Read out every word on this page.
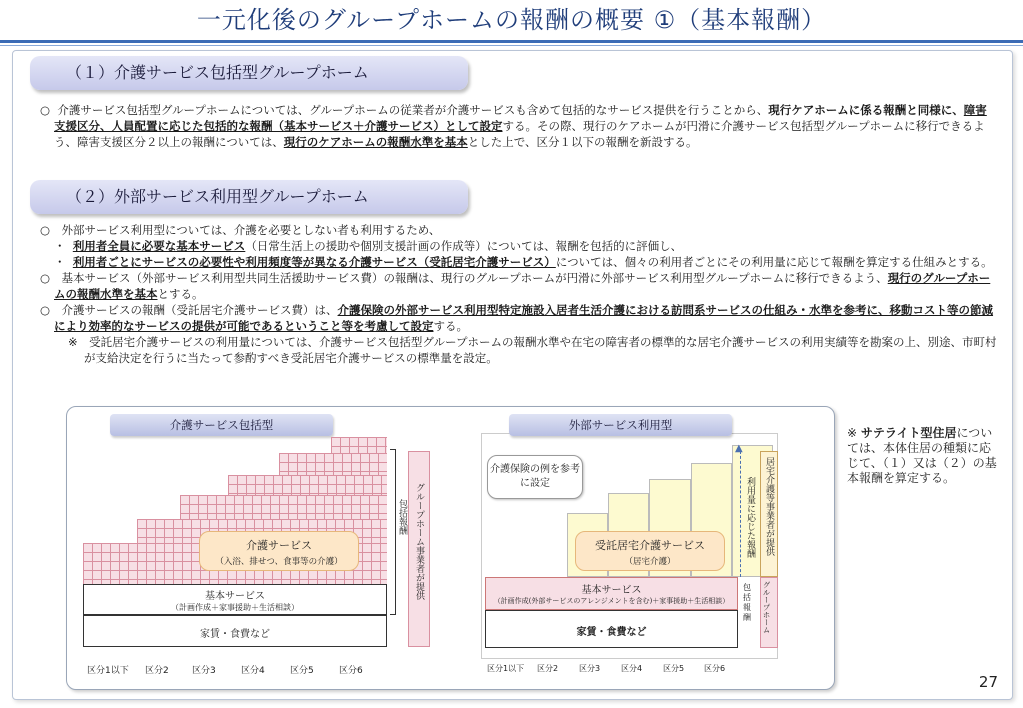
一元化後のグループホームの報酬の概要 ①（基本報酬）
（１）介護サービス包括型グループホーム

○ 介護サービス包括型グループホームについては、グループホームの従業者が介護サービスも含めて包括的なサービス提供を行うことから、現行ケアホームに係る報酬と同様に、障害支援区分、人員配置に応じた包括的な報酬（基本サービス＋介護サービス）として設定する。その際、現行のケアホームが円滑に介護サービス包括型グループホームに移行できるよう、障害支援区分２以上の報酬については、現行のケアホームの報酬水準を基本とした上で、区分１以下の報酬を新設する。

（２）外部サービス利用型グループホーム

○　外部サービス利用型については、介護を必要としない者も利用するため、

・ 利用者全員に必要な基本サービス（日常生活上の援助や個別支援計画の作成等）については、報酬を包括的に評価し、

・ 利用者ごとにサービスの必要性や利用頻度等が異なる介護サービス（受託居宅介護サービス）については、個々の利用者ごとにその利用量に応じて報酬を算定する仕組みとする。

○　基本サービス（外部サービス利用型共同生活援助サービス費）の報酬は、現行のグループホームが円滑に外部サービス利用型グループホームに移行できるよう、現行のグループホームの報酬水準を基本とする。

○　介護サービスの報酬（受託居宅介護サービス費）は、介護保険の外部サービス利用型特定施設入居者生活介護における訪問系サービスの仕組み・水準を参考に、移動コスト等の節減により効率的なサービスの提供が可能であるということ等を考慮して設定する。

※　受託居宅介護サービスの利用量については、介護サービス包括型グループホームの報酬水準や在宅の障害者の標準的な居宅介護サービスの利用実績等を勘案の上、別途、市町村が支給決定を行うに当たって参酌すべき受託居宅介護サービスの標準量を設定。

介護サービス包括型
介護サービス
（入浴、排せつ、食事等の介護）
基本サービス
（計画作成＋家事援助＋生活相談）
家賃・食費など
包括報酬 グループホーム事業者が提供
区分1以下 区分2	区分3	区分4	区分5	区分6
外部サービス利用型
介護保険の例を参考に設定
受託居宅介護サービス
（居宅介護）
基本サービス
（計画作成(外部サービスのアレンジメントを含む)＋家事援助＋生活相談）
家賃・食費など
▲
利用量に応じた報酬 居宅介護等事業者が提供
グループホーム
包括報酬
区分1以下 区分2	区分3	区分4	区分5 区分6
※ サテライト型住居については、本体住居の種類に応じて、（１）又は（２）の基本報酬を算定する。
27
